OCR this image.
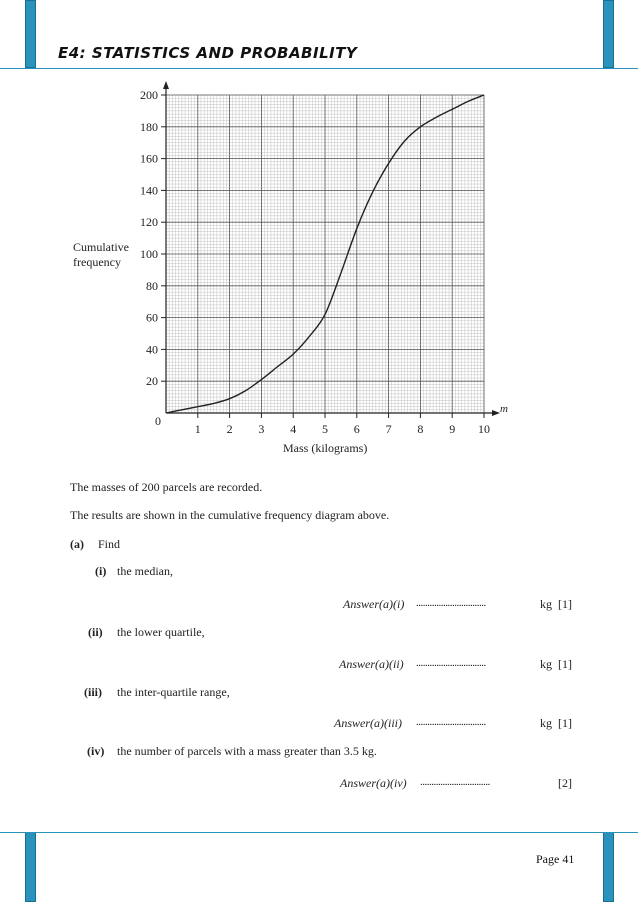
E4: STATISTICS AND PROBABILITY
Page 41
1 2 3 4 5 6 7 8 9 10
0
20
40
60
80
100
120
140
160
180
200
Cumulative
frequency
Mass (kilograms)
m
The masses of 200 parcels are recorded.
The results are shown in the cumulative frequency diagram above.
(a) Find
(i) the median,
Answer(a)(i) ...............................	kg [1]
(ii) the lower quartile,
Answer(a)(ii) ...............................	kg [1]
(iii) the inter-quartile range,
Answer(a)(iii) ...............................	kg [1]
(iv) the number of parcels with a mass greater than 3.5 kg.
Answer(a)(iv) ...............................	[2]
